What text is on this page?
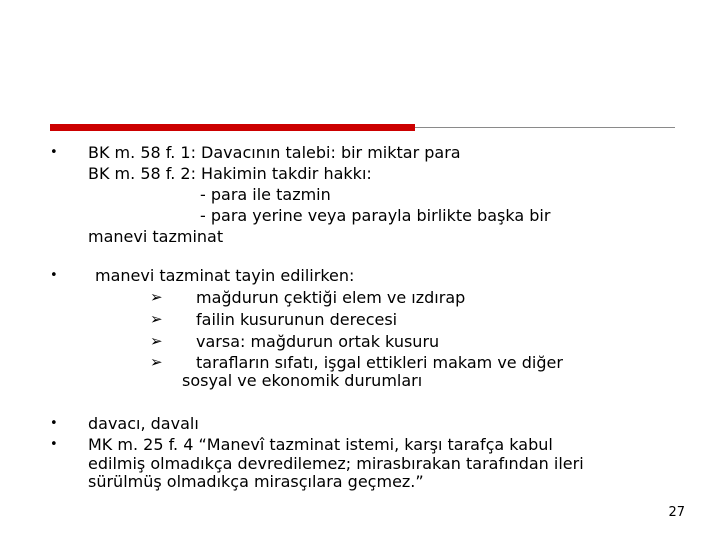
• BK m. 58 f. 1: Davacının talebi: bir miktar para
BK m. 58 f. 2: Hakimin takdir hakkı:
- para ile tazmin
- para yerine veya parayla birlikte başka bir
manevi tazminat
• manevi tazminat tayin edilirken:
➢ mağdurun çektiği elem ve ızdırap
➢ failin kusurunun derecesi
➢ varsa: mağdurun ortak kusuru
➢ tarafların sıfatı, işgal ettikleri makam ve diğer
sosyal ve ekonomik durumları
• davacı, davalı
• MK m. 25 f. 4 “Manevî tazminat istemi, karşı tarafça kabul
edilmiş olmadıkça devredilemez; mirasbırakan tarafından ileri
sürülmüş olmadıkça mirasçılara geçmez.”
27
